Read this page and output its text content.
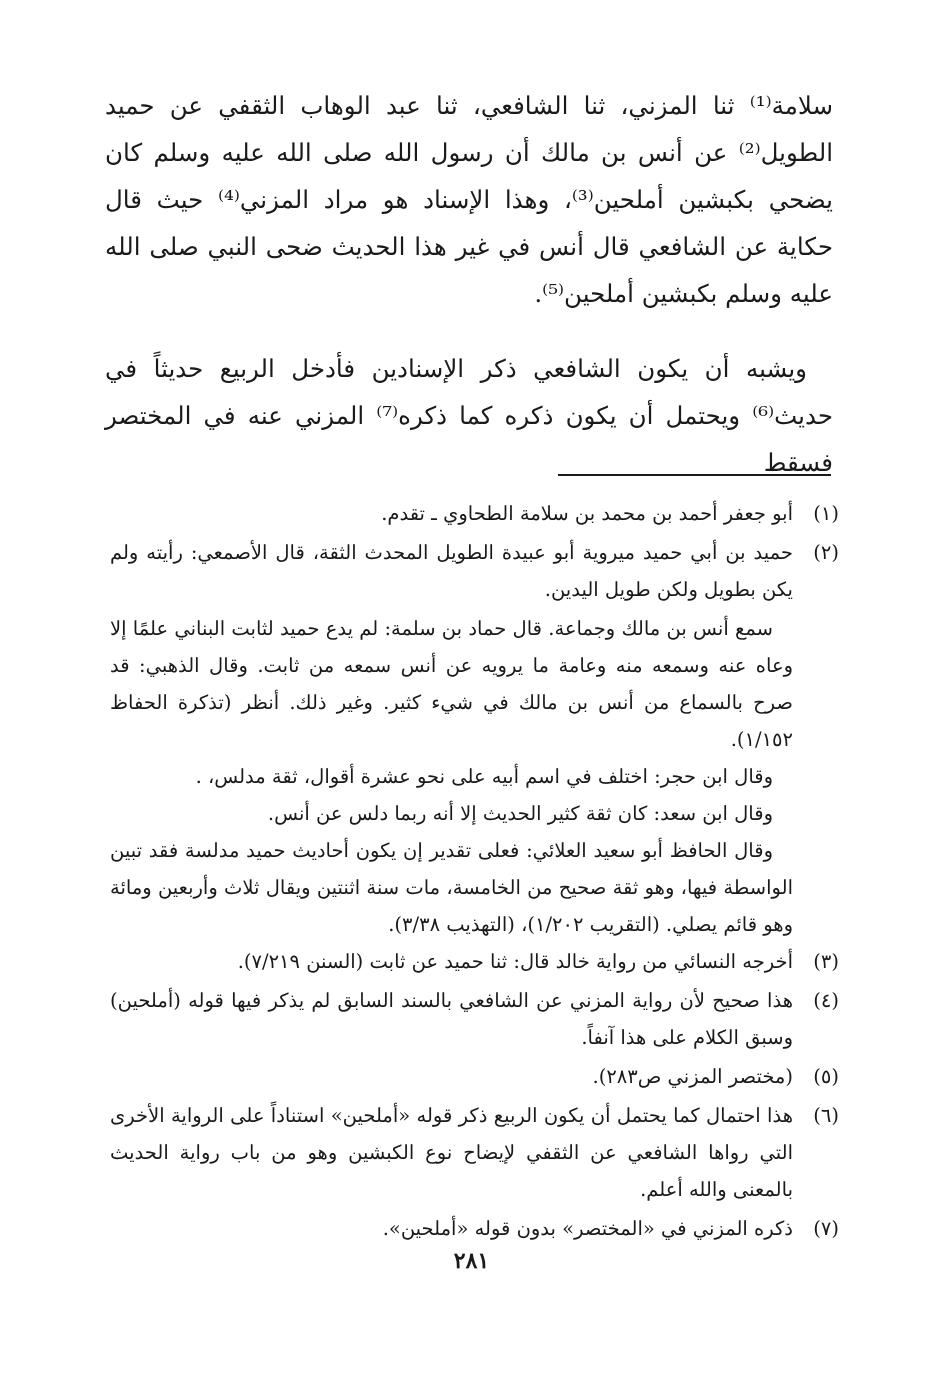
سلامة⁽¹⁾ ثنا المزني، ثنا الشافعي، ثنا عبد الوهاب الثقفي عن حميد الطويل⁽²⁾ عن أنس بن مالك أن رسول الله صلى الله عليه وسلم كان يضحي بكبشين أملحين⁽³⁾، وهذا الإسناد هو مراد المزني⁽⁴⁾ حيث قال حكاية عن الشافعي قال أنس في غير هذا الحديث ضحى النبي صلى الله عليه وسلم بكبشين أملحين⁽⁵⁾.

ويشبه أن يكون الشافعي ذكر الإسنادين فأدخل الربيع حديثاً في حديث⁽⁶⁾ ويحتمل أن يكون ذكره كما ذكره⁽⁷⁾ المزني عنه في المختصر فسقط

(١)

أبو جعفر أحمد بن محمد بن سلامة الطحاوي ـ تقدم.

(٢)

حميد بن أبي حميد ميروية أبو عبيدة الطويل المحدث الثقة، قال الأصمعي: رأيته ولم يكن بطويل ولكن طويل اليدين.

سمع أنس بن مالك وجماعة. قال حماد بن سلمة: لم يدع حميد لثابت البناني علمًا إلا وعاه عنه وسمعه منه وعامة ما يرويه عن أنس سمعه من ثابت. وقال الذهبي: قد صرح بالسماع من أنس بن مالك في شيء كثير. وغير ذلك. أنظر (تذكرة الحفاظ ١/١٥٢).

وقال ابن حجر: اختلف في اسم أبيه على نحو عشرة أقوال، ثقة مدلس، .

وقال ابن سعد: كان ثقة كثير الحديث إلا أنه ربما دلس عن أنس.

وقال الحافظ أبو سعيد العلائي: فعلى تقدير إن يكون أحاديث حميد مدلسة فقد تبين الواسطة فيها، وهو ثقة صحيح من الخامسة، مات سنة اثنتين ويقال ثلاث وأربعين ومائة وهو قائم يصلي. (التقريب ١/٢٠٢)، (التهذيب ٣/٣٨).

(٣)

أخرجه النسائي من رواية خالد قال: ثنا حميد عن ثابت (السنن ٧/٢١٩).

(٤)

هذا صحيح لأن رواية المزني عن الشافعي بالسند السابق لم يذكر فيها قوله (أملحين) وسبق الكلام على هذا آنفاً.

(٥)

(مختصر المزني ص٢٨٣).

(٦)

هذا احتمال كما يحتمل أن يكون الربيع ذكر قوله «أملحين» استناداً على الرواية الأخرى التي رواها الشافعي عن الثقفي لإيضاح نوع الكبشين وهو من باب رواية الحديث بالمعنى والله أعلم.

(٧)

ذكره المزني في «المختصر» بدون قوله «أملحين».

٢٨١
